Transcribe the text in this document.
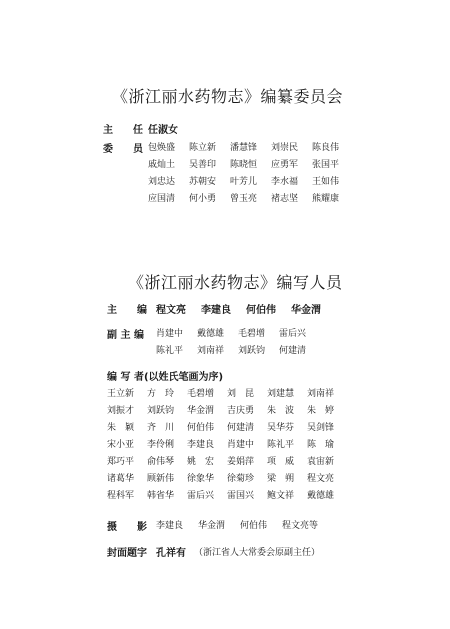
《浙江丽水药物志》编纂委员会
主　　任 任淑女
委　　员 包焕盛 陈立新 潘慧锋 刘崇民 陈良伟
戚灿土 吴善印 陈晓恒 应勇军 张国平
刘忠达 苏朝安 叶芳儿 李水福 王如伟
应国清 何小勇 曾玉亮 褚志坚 熊耀康
《浙江丽水药物志》编写人员
主　　编 程文亮 李建良 何伯伟 华金渭
副 主 编 肖建中 戴德雄 毛碧增 雷后兴
陈礼平 刘南祥 刘跃钧 何建清
编 写 者(以姓氏笔画为序)
王立新 方　玲 毛碧增 刘　昆 刘建慧 刘南祥
刘振才 刘跃钧 华金渭 吉庆勇 朱　波 朱　婷
朱　颖 齐　川 何伯伟 何建清 吴华芬 吴剑锋
宋小亚 李伶俐 李建良 肖建中 陈礼平 陈　瑜
郑巧平 俞伟琴 姚　宏 姜娟萍 项　威 袁宙新
诸葛华 顾新伟 徐象华 徐菊珍 梁　朔 程文亮
程科军 韩省华 雷后兴 雷国兴 鲍文祥 戴德雄
摄　　影 李建良 华金渭 何伯伟 程文亮等
封面题字 孔祥有 （浙江省人大常委会原副主任）
